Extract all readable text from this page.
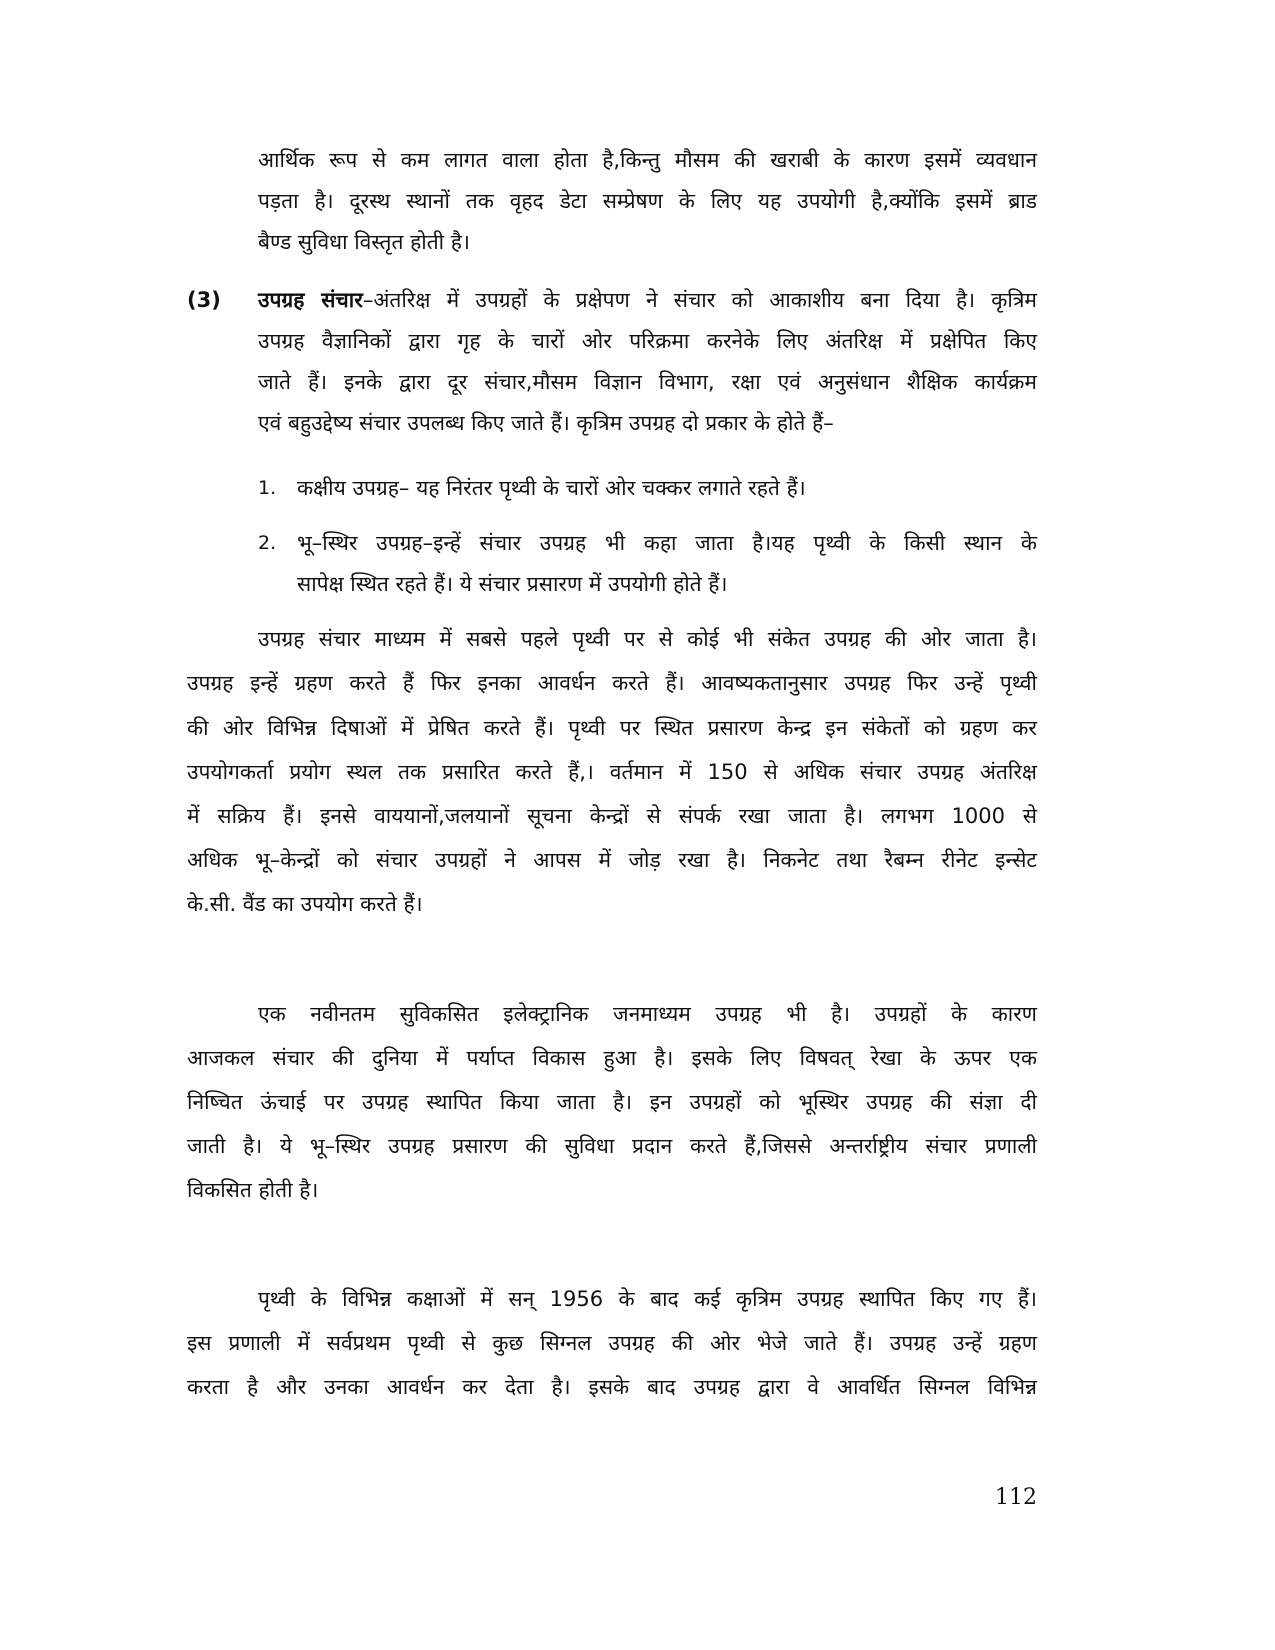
आर्थिक रूप से कम लागत वाला होता है,किन्तु मौसम की खराबी के कारण इसमें व्यवधान
पड़ता है। दूरस्थ स्थानों तक वृहद डेटा सम्प्रेषण के लिए यह उपयोगी है,क्योंकि इसमें ब्राड
बैण्ड सुविधा विस्तृत होती है।
(3) उपग्रह संचार–अंतरिक्ष में उपग्रहों के प्रक्षेपण ने संचार को आकाशीय बना दिया है। कृत्रिम
उपग्रह वैज्ञानिकों द्वारा गृह के चारों ओर परिक्रमा करनेके लिए अंतरिक्ष में प्रक्षेपित किए
जाते हैं। इनके द्वारा दूर संचार,मौसम विज्ञान विभाग, रक्षा एवं अनुसंधान शैक्षिक कार्यक्रम
एवं बहुउद्देष्य संचार उपलब्ध किए जाते हैं। कृत्रिम उपग्रह दो प्रकार के होते हैं–
1. कक्षीय उपग्रह– यह निरंतर पृथ्वी के चारों ओर चक्कर लगाते रहते हैं।
2. भू–स्थिर उपग्रह–इन्हें संचार उपग्रह भी कहा जाता है।यह पृथ्वी के किसी स्थान के
सापेक्ष स्थित रहते हैं। ये संचार प्रसारण में उपयोगी होते हैं।
उपग्रह संचार माध्यम में सबसे पहले पृथ्वी पर से कोई भी संकेत उपग्रह की ओर जाता है।
उपग्रह इन्हें ग्रहण करते हैं फिर इनका आवर्धन करते हैं। आवष्यकतानुसार उपग्रह फिर उन्हें पृथ्वी
की ओर विभिन्न दिषाओं में प्रेषित करते हैं। पृथ्वी पर स्थित प्रसारण केन्द्र इन संकेतों को ग्रहण कर
उपयोगकर्ता प्रयोग स्थल तक प्रसारित करते हैं,। वर्तमान में 150 से अधिक संचार उपग्रह अंतरिक्ष
में सक्रिय हैं। इनसे वाययानों,जलयानों सूचना केन्द्रों से संपर्क रखा जाता है। लगभग 1000 से
अधिक भू–केन्द्रों को संचार उपग्रहों ने आपस में जोड़ रखा है। निकनेट तथा रैबम्न रीनेट इन्सेट
के.सी. वैंड का उपयोग करते हैं।
एक नवीनतम सुविकसित इलेक्ट्रानिक जनमाध्यम उपग्रह भी है। उपग्रहों के कारण
आजकल संचार की दुनिया में पर्याप्त विकास हुआ है। इसके लिए विषवत् रेखा के ऊपर एक
निष्चित ऊंचाई पर उपग्रह स्थापित किया जाता है। इन उपग्रहों को भूस्थिर उपग्रह की संज्ञा दी
जाती है। ये भू–स्थिर उपग्रह प्रसारण की सुविधा प्रदान करते हैं,जिससे अन्तर्राष्ट्रीय संचार प्रणाली
विकसित होती है।
पृथ्वी के विभिन्न कक्षाओं में सन् 1956 के बाद कई कृत्रिम उपग्रह स्थापित किए गए हैं।
इस प्रणाली में सर्वप्रथम पृथ्वी से कुछ सिग्नल उपग्रह की ओर भेजे जाते हैं। उपग्रह उन्हें ग्रहण
करता है और उनका आवर्धन कर देता है। इसके बाद उपग्रह द्वारा वे आवर्धित सिग्नल विभिन्न
112
